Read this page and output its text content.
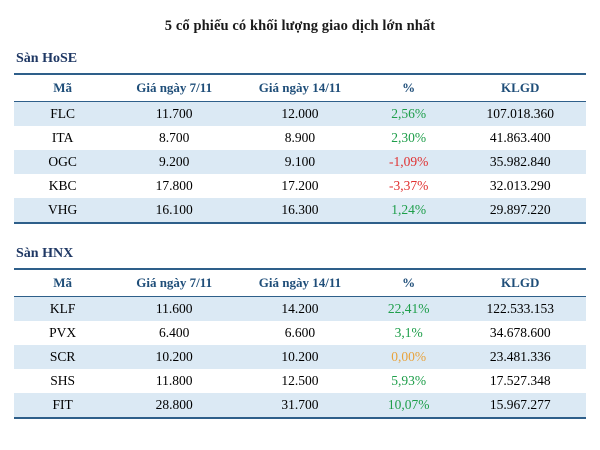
5 cổ phiếu có khối lượng giao dịch lớn nhất
Sàn HoSE
Mã	Giá ngày 7/11	Giá ngày 14/11	%	KLGD
FLC	11.700	12.000	2,56%	107.018.360
ITA	8.700	8.900	2,30%	41.863.400
OGC	9.200	9.100	-1,09%	35.982.840
KBC	17.800	17.200	-3,37%	32.013.290
VHG	16.100	16.300	1,24%	29.897.220
Sàn HNX
Mã	Giá ngày 7/11	Giá ngày 14/11	%	KLGD
KLF	11.600	14.200	22,41%	122.533.153
PVX	6.400	6.600	3,1%	34.678.600
SCR	10.200	10.200	0,00%	23.481.336
SHS	11.800	12.500	5,93%	17.527.348
FIT	28.800	31.700	10,07%	15.967.277
